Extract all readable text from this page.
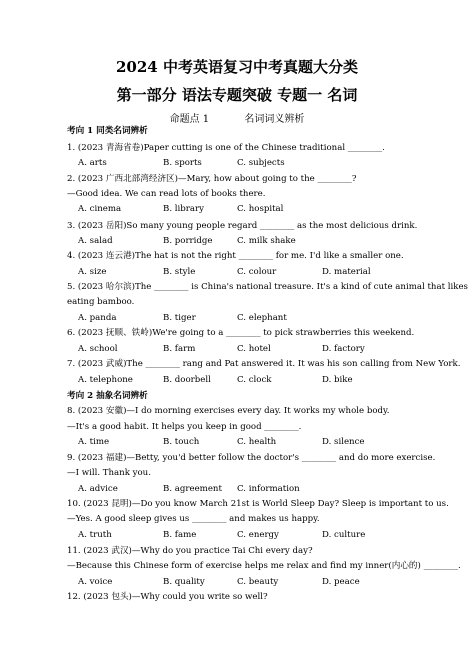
2024 中考英语复习中考真题大分类
第一部分 语法专题突破 专题一 名词
命题点 1	名词词义辨析
考向 1 同类名词辨析
1. (2023 青海省卷)Paper cutting is one of the Chinese traditional ________.
A. arts	B. sports	C. subjects
2. (2023 广西北部湾经济区)—Mary, how about going to the ________?
—Good idea. We can read lots of books there.
A. cinema	B. library	C. hospital
3. (2023 岳阳)So many young people regard ________ as the most delicious drink.
A. salad	B. porridge	C. milk shake
4. (2023 连云港)The hat is not the right ________ for me. I'd like a smaller one.
A. size	B. style	C. colour	D. material
5. (2023 哈尔滨)The ________ is China's national treasure. It's a kind of cute animal that likes
eating bamboo.
A. panda	B. tiger	C. elephant
6. (2023 抚顺、铁岭)We're going to a ________ to pick strawberries this weekend.
A. school	B. farm	C. hotel	D. factory
7. (2023 武威)The ________ rang and Pat answered it. It was his son calling from New York.
A. telephone	B. doorbell	C. clock	D. bike
考向 2 抽象名词辨析
8. (2023 安徽)—I do morning exercises every day. It works my whole body.
—It's a good habit. It helps you keep in good ________.
A. time	B. touch	C. health	D. silence
9. (2023 福建)—Betty, you'd better follow the doctor's ________ and do more exercise.
—I will. Thank you.
A. advice	B. agreement C. information
10. (2023 昆明)—Do you know March 21st is World Sleep Day? Sleep is important to us.
—Yes. A good sleep gives us ________ and makes us happy.
A. truth	B. fame	C. energy	D. culture
11. (2023 武汉)—Why do you practice Tai Chi every day?
—Because this Chinese form of exercise helps me relax and find my inner(内心的) ________.
A. voice	B. quality	C. beauty	D. peace
12. (2023 包头)—Why could you write so well?
